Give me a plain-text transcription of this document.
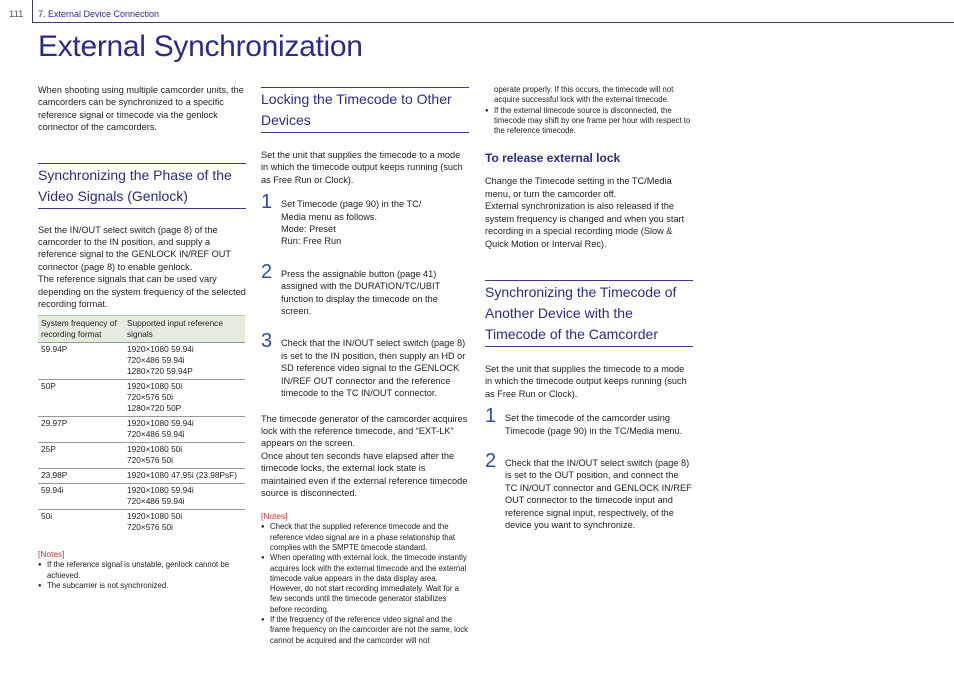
111 7. External Device Connection
External Synchronization

When shooting using multiple camcorder units, the camcorders can be synchronized to a specific reference signal or timecode via the genlock connector of the camcorders.

Synchronizing the Phase of the Video Signals (Genlock)

Set the IN/OUT select switch (page 8) of the camcorder to the IN position, and supply a reference signal to the GENLOCK IN/REF OUT connector (page 8) to enable genlock.

The reference signals that can be used vary depending on the system frequency of the selected recording format.

System frequency of recording format	Supported input reference signals
59.94P	1920×1080 59.94i
720×486 59.94i
1280×720 59.94P

50P	1920×1080 50i
720×576 50i
1280×720 50P

29.97P	1920×1080 59.94i
720×486 59.94i

25P	1920×1080 50i
720×576 50i

23.98P	1920×1080 47.95i (23.98PsF)

59.94i	1920×1080 59.94i
720×486 59.94i

50i	1920×1080 50i
720×576 50i

[Notes]

● If the reference signal is unstable, genlock cannot be achieved.
● The subcarrier is not synchronized.
Locking the Timecode to Other Devices

Set the unit that supplies the timecode to a mode in which the timecode output keeps running (such as Free Run or Clock).

1 Set Timecode (page 90) in the TC/
Media menu as follows.
Mode: Preset
Run: Free Run
2 Press the assignable button (page 41) assigned with the DURATION/TC/UBIT function to display the timecode on the screen.
3 Check that the IN/OUT select switch (page 8) is set to the IN position, then supply an HD or SD reference video signal to the GENLOCK IN/REF OUT connector and the reference timecode to the TC IN/OUT connector.

The timecode generator of the camcorder acquires lock with the reference timecode, and “EXT-LK” appears on the screen.

Once about ten seconds have elapsed after the timecode locks, the external lock state is maintained even if the external reference timecode source is disconnected.

[Notes]

● Check that the supplied reference timecode and the reference video signal are in a phase relationship that complies with the SMPTE timecode standard.
● When operating with external lock, the timecode instantly acquires lock with the external timecode and the external timecode value appears in the data display area. However, do not start recording immediately. Wait for a few seconds until the timecode generator stabilizes before recording.
● If the frequency of the reference video signal and the frame frequency on the camcorder are not the same, lock cannot be acquired and the camcorder will not
operate properly. If this occurs, the timecode will not acquire successful lock with the external timecode.
● If the external timecode source is disconnected, the timecode may shift by one frame per hour with respect to the reference timecode.
To release external lock

Change the Timecode setting in the TC/Media menu, or turn the camcorder off.

External synchronization is also released if the system frequency is changed and when you start recording in a special recording mode (Slow & Quick Motion or Interval Rec).

Synchronizing the Timecode of Another Device with the Timecode of the Camcorder

Set the unit that supplies the timecode to a mode in which the timecode output keeps running (such as Free Run or Clock).

1 Set the timecode of the camcorder using Timecode (page 90) in the TC/Media menu.
2 Check that the IN/OUT select switch (page 8) is set to the OUT position, and connect the TC IN/OUT connector and GENLOCK IN/REF OUT connector to the timecode input and reference signal input, respectively, of the device you want to synchronize.
